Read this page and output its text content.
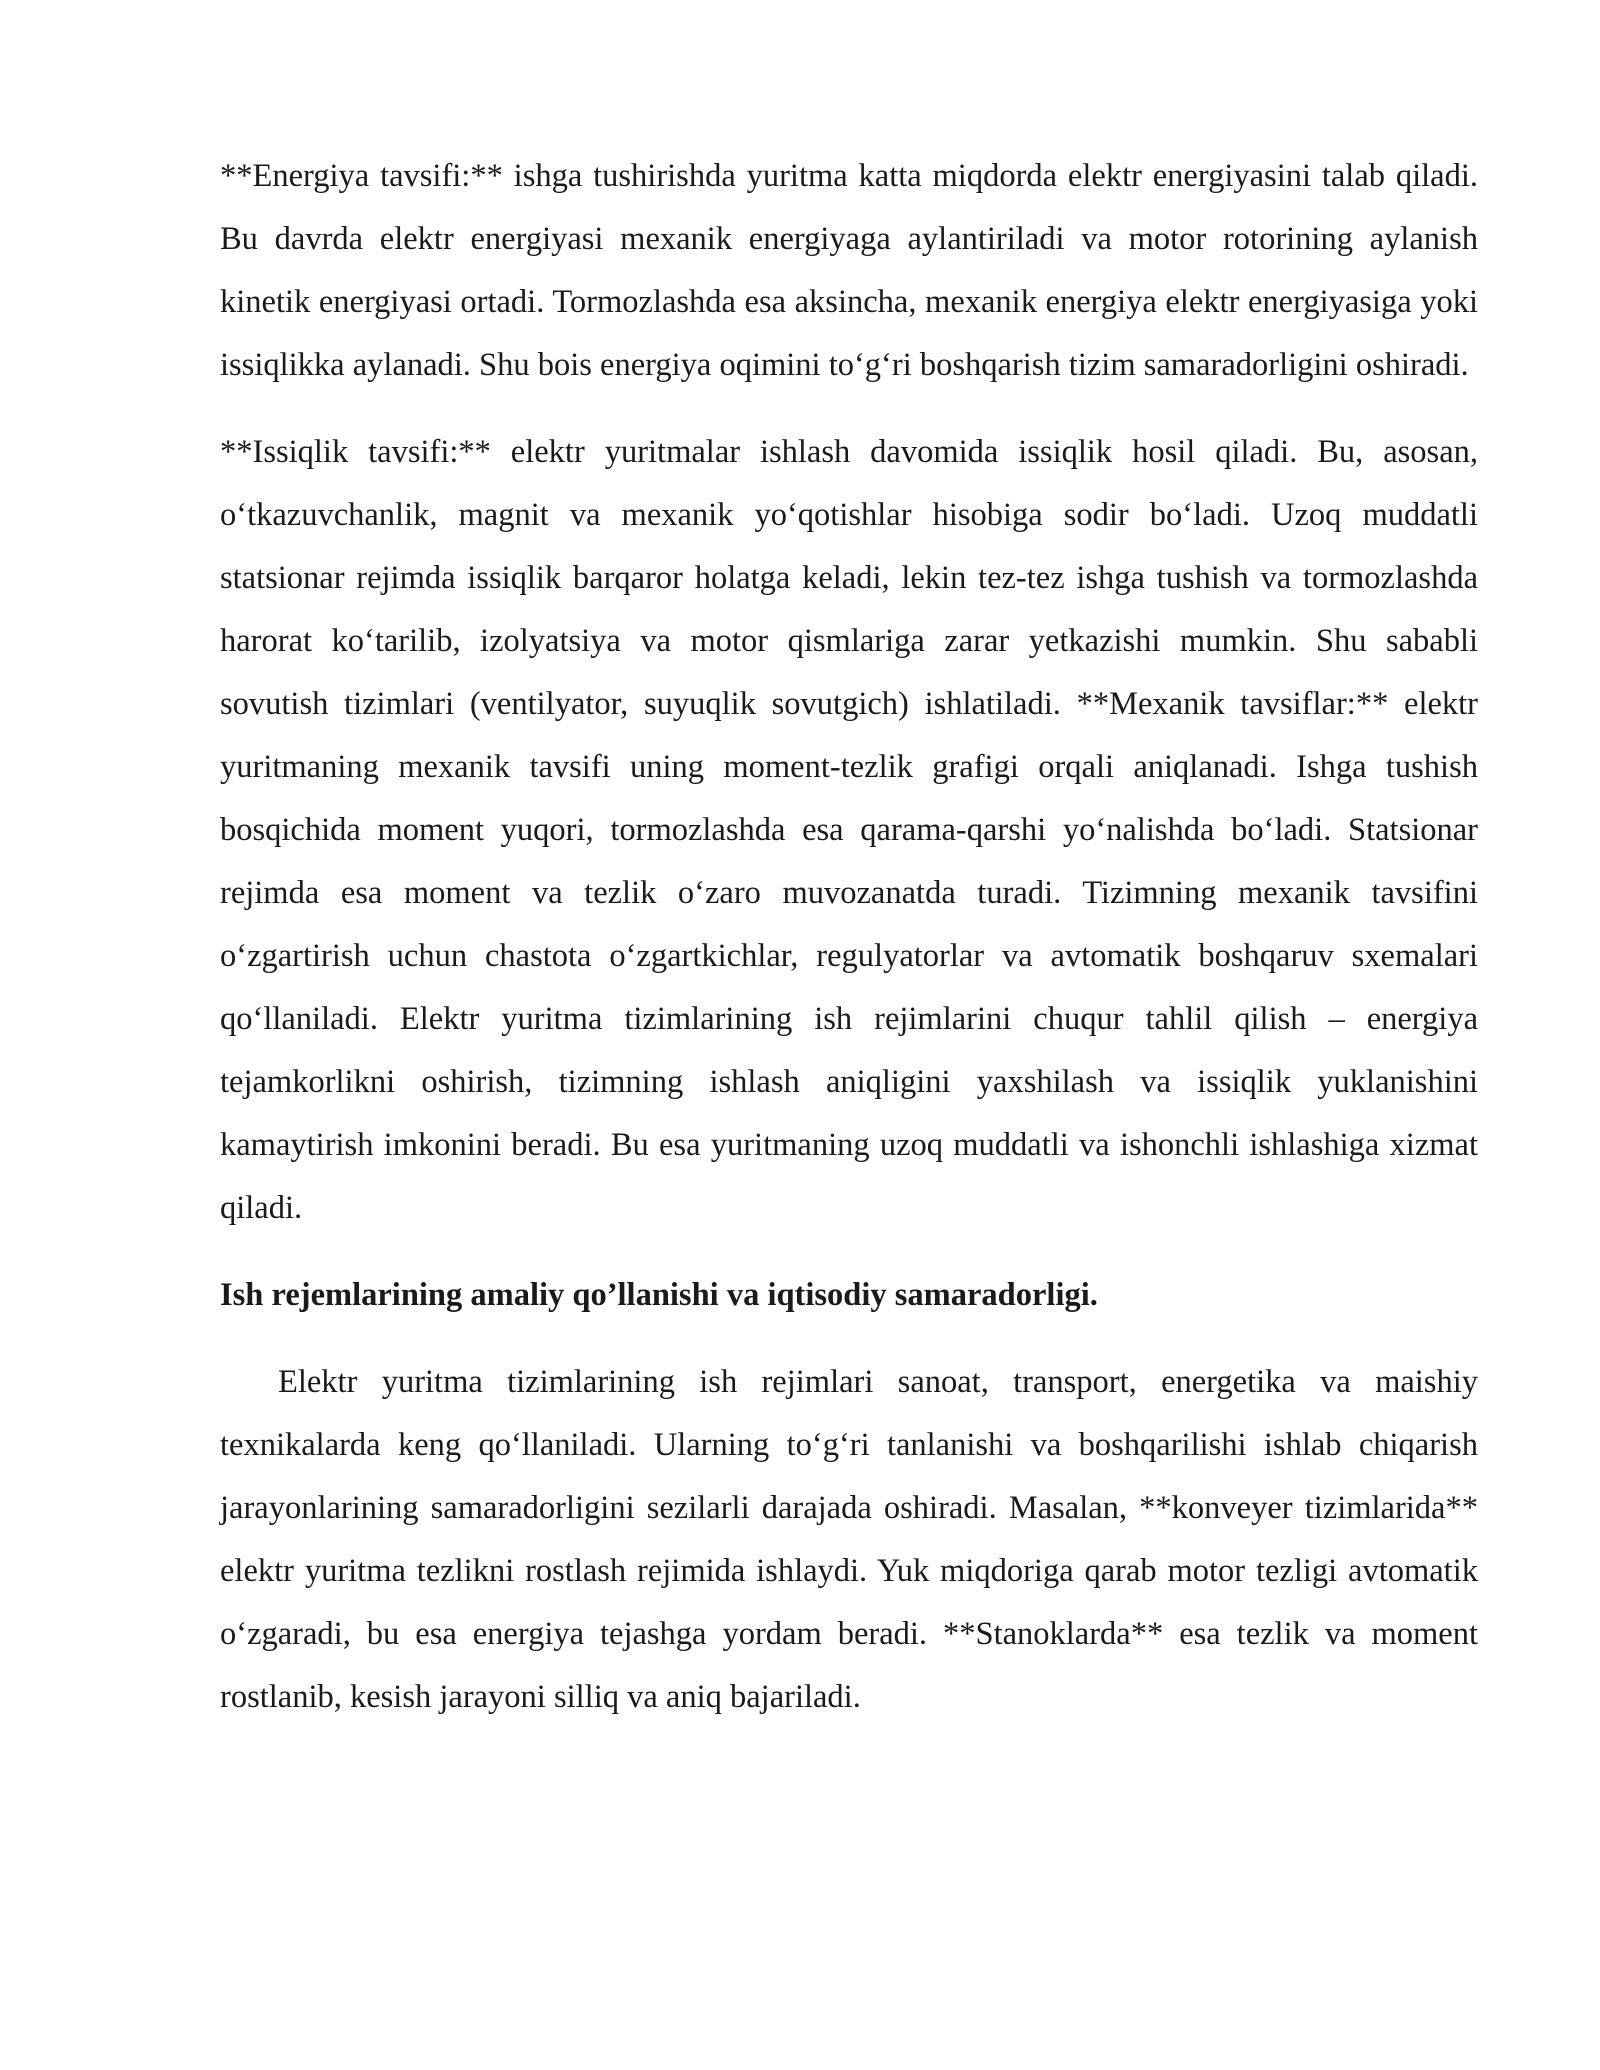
**Energiya tavsifi:** ishga tushirishda yuritma katta miqdorda elektr energiyasini talab qiladi. Bu davrda elektr energiyasi mexanik energiyaga aylantiriladi va motor rotorining aylanish kinetik energiyasi ortadi. Tormozlashda esa aksincha, mexanik energiya elektr energiyasiga yoki issiqlikka aylanadi. Shu bois energiya oqimini to‘g‘ri boshqarish tizim samaradorligini oshiradi.

**Issiqlik tavsifi:** elektr yuritmalar ishlash davomida issiqlik hosil qiladi. Bu, asosan, o‘tkazuvchanlik, magnit va mexanik yo‘qotishlar hisobiga sodir bo‘ladi. Uzoq muddatli statsionar rejimda issiqlik barqaror holatga keladi, lekin tez-tez ishga tushish va tormozlashda harorat ko‘tarilib, izolyatsiya va motor qismlariga zarar yetkazishi mumkin. Shu sababli sovutish tizimlari (ventilyator, suyuqlik sovutgich) ishlatiladi. **Mexanik tavsiflar:** elektr yuritmaning mexanik tavsifi uning moment-tezlik grafigi orqali aniqlanadi. Ishga tushish bosqichida moment yuqori, tormozlashda esa qarama-qarshi yo‘nalishda bo‘ladi. Statsionar rejimda esa moment va tezlik o‘zaro muvozanatda turadi. Tizimning mexanik tavsifini o‘zgartirish uchun chastota o‘zgartkichlar, regulyatorlar va avtomatik boshqaruv sxemalari qo‘llaniladi. Elektr yuritma tizimlarining ish rejimlarini chuqur tahlil qilish – energiya tejamkorlikni oshirish, tizimning ishlash aniqligini yaxshilash va issiqlik yuklanishini kamaytirish imkonini beradi. Bu esa yuritmaning uzoq muddatli va ishonchli ishlashiga xizmat qiladi.

Ish rejemlarining amaliy qo’llanishi va iqtisodiy samaradorligi.

Elektr yuritma tizimlarining ish rejimlari sanoat, transport, energetika va maishiy texnikalarda keng qo‘llaniladi. Ularning to‘g‘ri tanlanishi va boshqarilishi ishlab chiqarish jarayonlarining samaradorligini sezilarli darajada oshiradi. Masalan, **konveyer tizimlarida** elektr yuritma tezlikni rostlash rejimida ishlaydi. Yuk miqdoriga qarab motor tezligi avtomatik o‘zgaradi, bu esa energiya tejashga yordam beradi. **Stanoklarda** esa tezlik va moment rostlanib, kesish jarayoni silliq va aniq bajariladi.
